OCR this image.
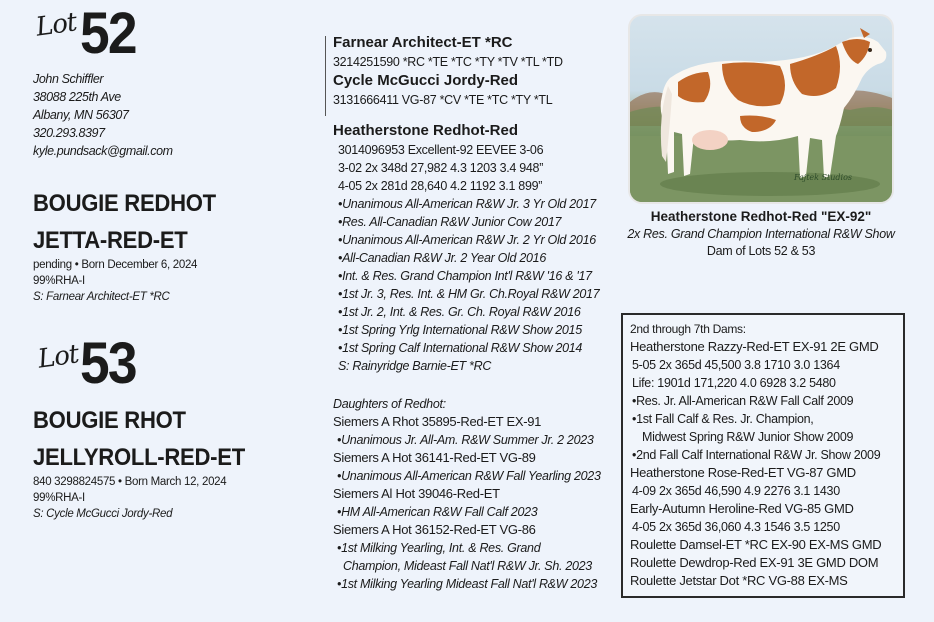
Lot 52
John Schiffler
38088 225th Ave
Albany, MN 56307
320.293.8397
kyle.pundsack@gmail.com
BOUGIE REDHOT
JETTA-RED-ET
pending • Born December 6, 2024
99%RHA-I
S: Farnear Architect-ET *RC
Lot 53
BOUGIE RHOT
JELLYROLL-RED-ET
840 3298824575 • Born March 12, 2024
99%RHA-I
S: Cycle McGucci Jordy-Red
Farnear Architect-ET *RC
3214251590 *RC *TE *TC *TY *TV *TL *TD
Cycle McGucci Jordy-Red
3131666411 VG-87 *CV *TE *TC *TY *TL
Heatherstone Redhot-Red
3014096953 Excellent-92 EEVEE 3-06
3-02 2x 348d 27,982 4.3 1203 3.4 948”
4-05 2x 281d 28,640 4.2 1192 3.1 899”
•Unanimous All-American R&W Jr. 3 Yr Old 2017
•Res. All-Canadian R&W Junior Cow 2017
•Unanimous All-American R&W Jr. 2 Yr Old 2016
•All-Canadian R&W Jr. 2 Year Old 2016
•Int. & Res. Grand Champion Int'l R&W '16 & '17
•1st Jr. 3, Res. Int. & HM Gr. Ch.Royal R&W 2017
•1st Jr. 2, Int. & Res. Gr. Ch. Royal R&W 2016
•1st Spring Yrlg International R&W Show 2015
•1st Spring Calf International R&W Show 2014
S: Rainyridge Barnie-ET *RC
Daughters of Redhot:
Siemers A Rhot 35895-Red-ET EX-91
•Unanimous Jr. All-Am. R&W Summer Jr. 2 2023
Siemers A Hot 36141-Red-ET VG-89
•Unanimous All-American R&W Fall Yearling 2023
Siemers Al Hot 39046-Red-ET
•HM All-American R&W Fall Calf 2023
Siemers A Hot 36152-Red-ET VG-86
•1st Milking Yearling, Int. & Res. Grand
Champion, Mideast Fall Nat'l R&W Jr. Sh. 2023
•1st Milking Yearling Mideast Fall Nat'l R&W 2023
Fajtek Studios
Heatherstone Redhot-Red "EX-92"
2x Res. Grand Champion International R&W Show
Dam of Lots 52 & 53
2nd through 7th Dams:
Heatherstone Razzy-Red-ET EX-91 2E GMD
5-05 2x 365d 45,500 3.8 1710 3.0 1364
Life: 1901d 171,220 4.0 6928 3.2 5480
•Res. Jr. All-American R&W Fall Calf 2009
•1st Fall Calf & Res. Jr. Champion,
Midwest Spring R&W Junior Show 2009
•2nd Fall Calf International R&W Jr. Show 2009
Heatherstone Rose-Red-ET VG-87 GMD
4-09 2x 365d 46,590 4.9 2276 3.1 1430
Early-Autumn Heroline-Red VG-85 GMD
4-05 2x 365d 36,060 4.3 1546 3.5 1250
Roulette Damsel-ET *RC EX-90 EX-MS GMD
Roulette Dewdrop-Red EX-91 3E GMD DOM
Roulette Jetstar Dot *RC VG-88 EX-MS
